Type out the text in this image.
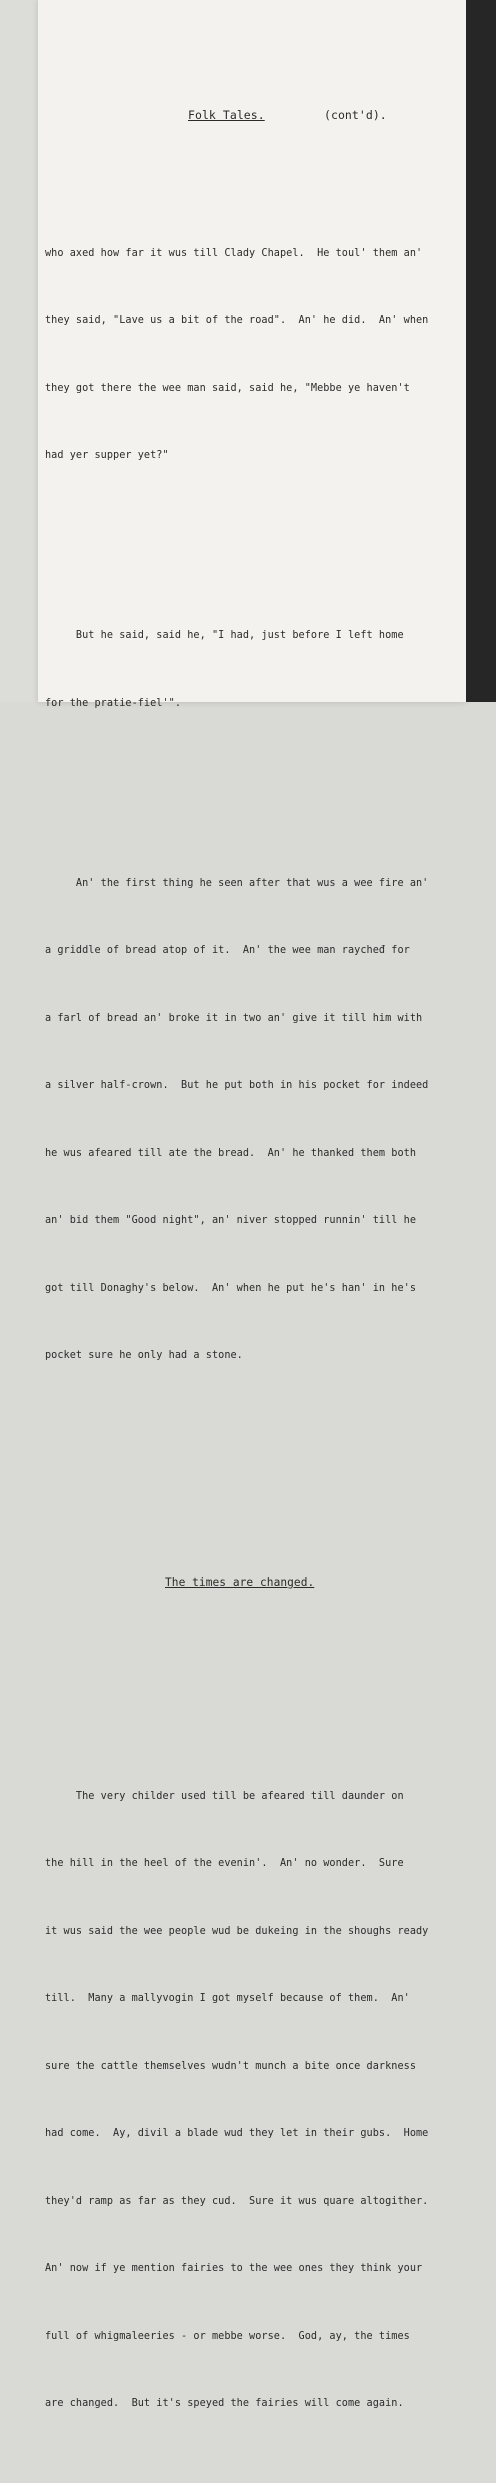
Folk Tales.

	(cont'd).

who axed how far it wus till Clady Chapel.  He toul' them an'

they said, "Lave us a bit of the road".  An' he did.  An' when

they got there the wee man said, said he, "Mebbe ye haven't

had yer supper yet?"

But he said, said he, "I had, just before I left home

for the pratie-fiel'".

An' the first thing he seen after that wus a wee fire an'

a griddle of bread atop of it.  An' the wee man raycheđ for

a farl of bread an' broke it in two an' give it till him with

a silver half-crown.  But he put both in his pocket for indeed

he wus afeared till ate the bread.  An' he thanked them both

an' bid them "Good night", an' niver stopped runnin' till he

got till Donaghy's below.  An' when he put he's han' in he's

pocket sure he only had a stone.

The times are changed.

The very childer used till be afeared till daunder on

the hill in the heel of the evenin'.  An' no wonder.  Sure

it wus said the wee people wud be dukeing in the shoughs ready

till.  Many a mallyvogin I got myself because of them.  An'

sure the cattle themselves wudn't munch a bite once darkness

had come.  Ay, divil a blade wud they let in their gubs.  Home

they'd ramp as far as they cud.  Sure it wus quare altogither.

An' now if ye mention fairies to the wee ones they think your

full of whigmaleeries - or mebbe worse.  God, ay, the times

are changed.  But it's speyed the fairies will come again.
